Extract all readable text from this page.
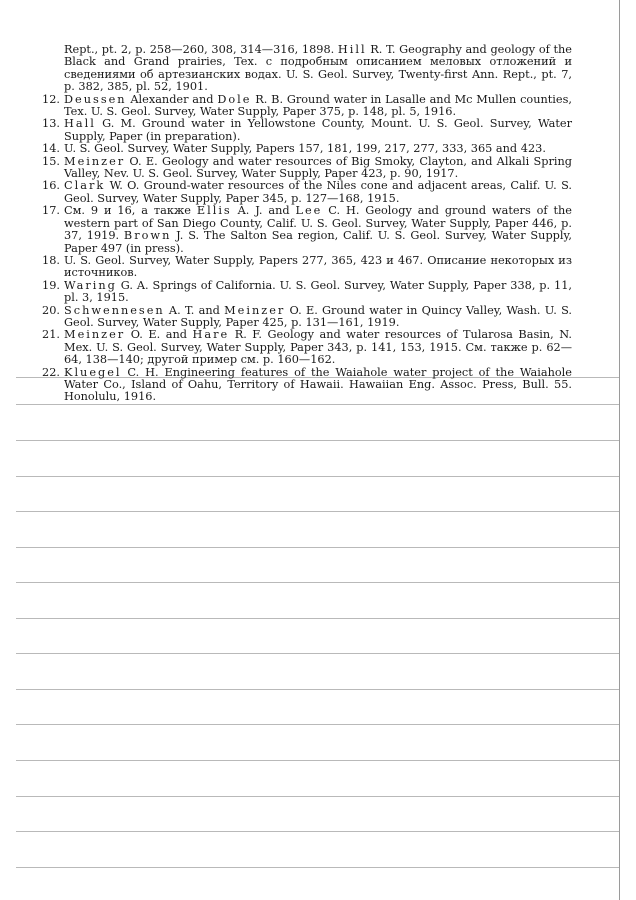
Rept., pt. 2, p. 258—260, 308, 314—316, 1898. Hill R. T. Geography and geology of the Black and Grand prairies, Tex. с подробным описанием меловых отложений и сведениями об артезианских водах. U. S. Geol. Survey, Twenty-first Ann. Rept., pt. 7, p. 382, 385, pl. 52, 1901.

12. Deussen Alexander and Dole R. B. Ground water in Lasalle and Mc Mullen counties, Tex. U. S. Geol. Survey, Water Supply, Paper 375, p. 148, pl. 5, 1916.

13. Hall G. M. Ground water in Yellowstone County, Mount. U. S. Geol. Survey, Water Supply, Paper (in preparation).

14. U. S. Geol. Survey, Water Supply, Papers 157, 181, 199, 217, 277, 333, 365 and 423.

15. Meinzer O. E. Geology and water resources of Big Smoky, Clayton, and Alkali Spring Valley, Nev. U. S. Geol. Survey, Water Supply, Paper 423, p. 90, 1917.

16. Clark W. O. Ground-water resources of the Niles cone and adjacent areas, Calif. U. S. Geol. Survey, Water Supply, Paper 345, p. 127—168, 1915.

17. См. 9 и 16, а также Ellis A. J. and Lee C. H. Geology and ground waters of the western part of San Diego County, Calif. U. S. Geol. Survey, Water Supply, Paper 446, p. 37, 1919. Brown J. S. The Salton Sea region, Calif. U. S. Geol. Survey, Water Supply, Paper 497 (in press).

18. U. S. Geol. Survey, Water Supply, Papers 277, 365, 423 и 467. Описание некоторых из источников.

19. Waring G. A. Springs of California. U. S. Geol. Survey, Water Supply, Paper 338, p. 11, pl. 3, 1915.

20. Schwennesen A. T. and Meinzer O. E. Ground water in Quincy Valley, Wash. U. S. Geol. Survey, Water Supply, Paper 425, p. 131—161, 1919.

21. Meinzer O. E. and Hare R. F. Geology and water resources of Tularosa Basin, N. Mex. U. S. Geol. Survey, Water Supply, Paper 343, p. 141, 153, 1915. См. также p. 62—64, 138—140; другой пример см. p. 160—162.

22. Kluegel C. H. Engineering features of the Waiahole water project of the Waiahole Water Co., Island of Oahu, Territory of Hawaii. Hawaiian Eng. Assoc. Press, Bull. 55. Honolulu, 1916.
